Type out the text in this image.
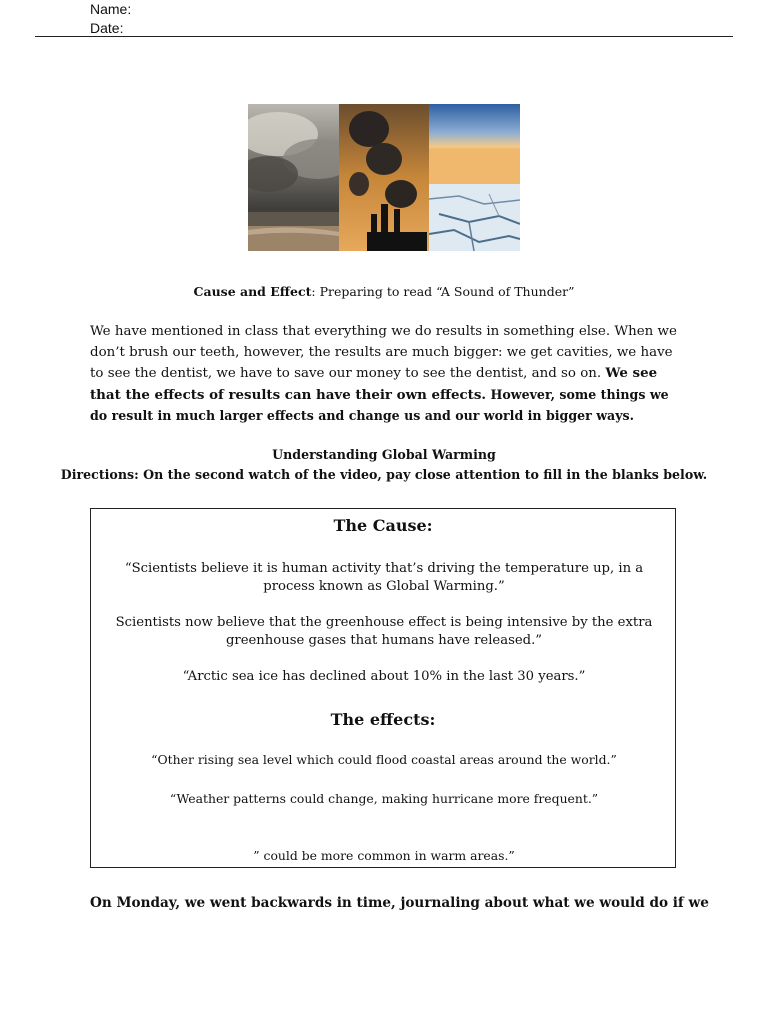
Name:
Date:
Cause and Effect: Preparing to read “A Sound of Thunder”
We have mentioned in class that everything we do results in something else. When we don’t brush our teeth, however, the results are much bigger: we get cavities, we have to see the dentist, we have to save our money to see the dentist, and so on. We see that the effects of results can have their own effects. However, some things we do result in much larger effects and change us and our world in bigger ways.
Understanding Global Warming
Directions: On the second watch of the video, pay close attention to fill in the blanks below.
The Cause:
“Scientists believe it is human activity that’s driving the temperature up, in a process known as Global Warming.”
Scientists now believe that the greenhouse effect is being intensive by the extra greenhouse gases that humans have released.”
“Arctic sea ice has declined about 10% in the last 30 years.”
The effects:
“Other rising sea level which could flood coastal areas around the world.”
“Weather patterns could change, making hurricane more frequent.”
” could be more common in warm areas.”
On Monday, we went backwards in time, journaling about what we would do if we
